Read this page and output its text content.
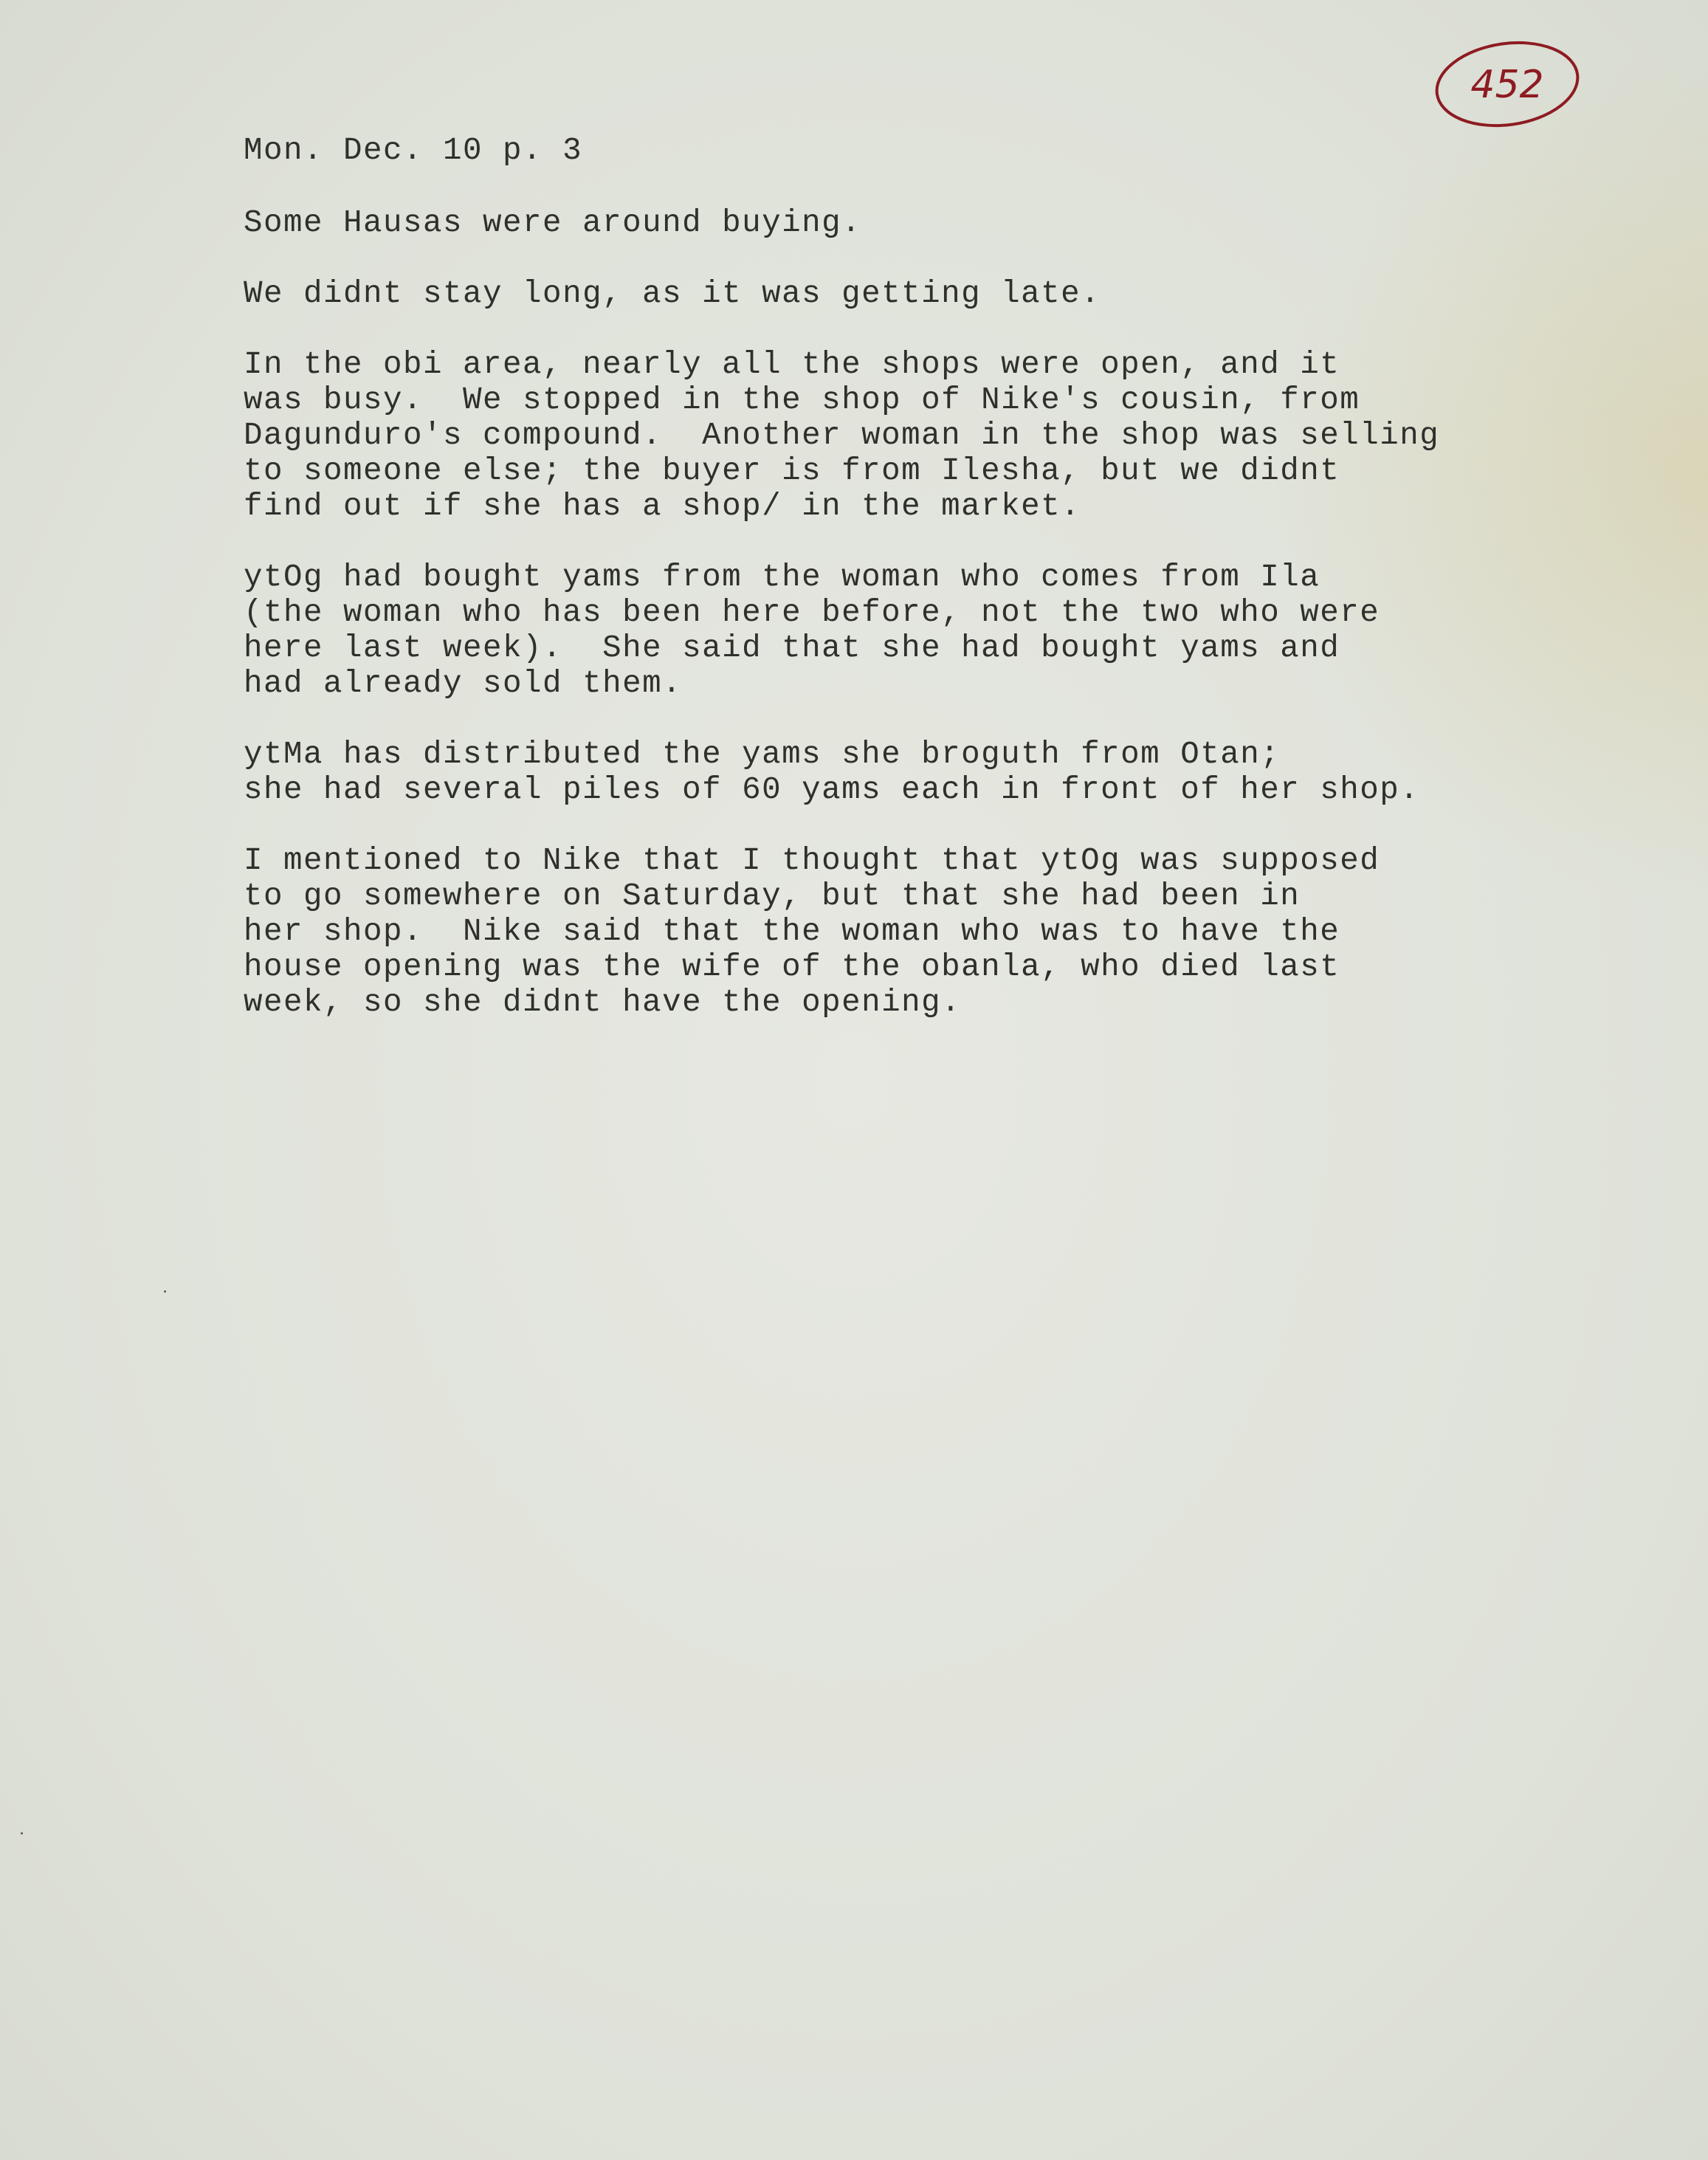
452
Mon. Dec. 10 p. 3
Some Hausas were around buying.
We didnt stay long, as it was getting late.
In the obi area, nearly all the shops were open, and it
was busy.  We stopped in the shop of Nike's cousin, from
Dagunduro's compound.  Another woman in the shop was selling
to someone else; the buyer is from Ilesha, but we didnt
find out if she has a shop/ in the market.
ytOg had bought yams from the woman who comes from Ila
(the woman who has been here before, not the two who were
here last week).  She said that she had bought yams and
had already sold them.
ytMa has distributed the yams she broguth from Otan;
she had several piles of 60 yams each in front of her shop.
I mentioned to Nike that I thought that ytOg was supposed
to go somewhere on Saturday, but that she had been in
her shop.  Nike said that the woman who was to have the
house opening was the wife of the obanla, who died last
week, so she didnt have the opening.
